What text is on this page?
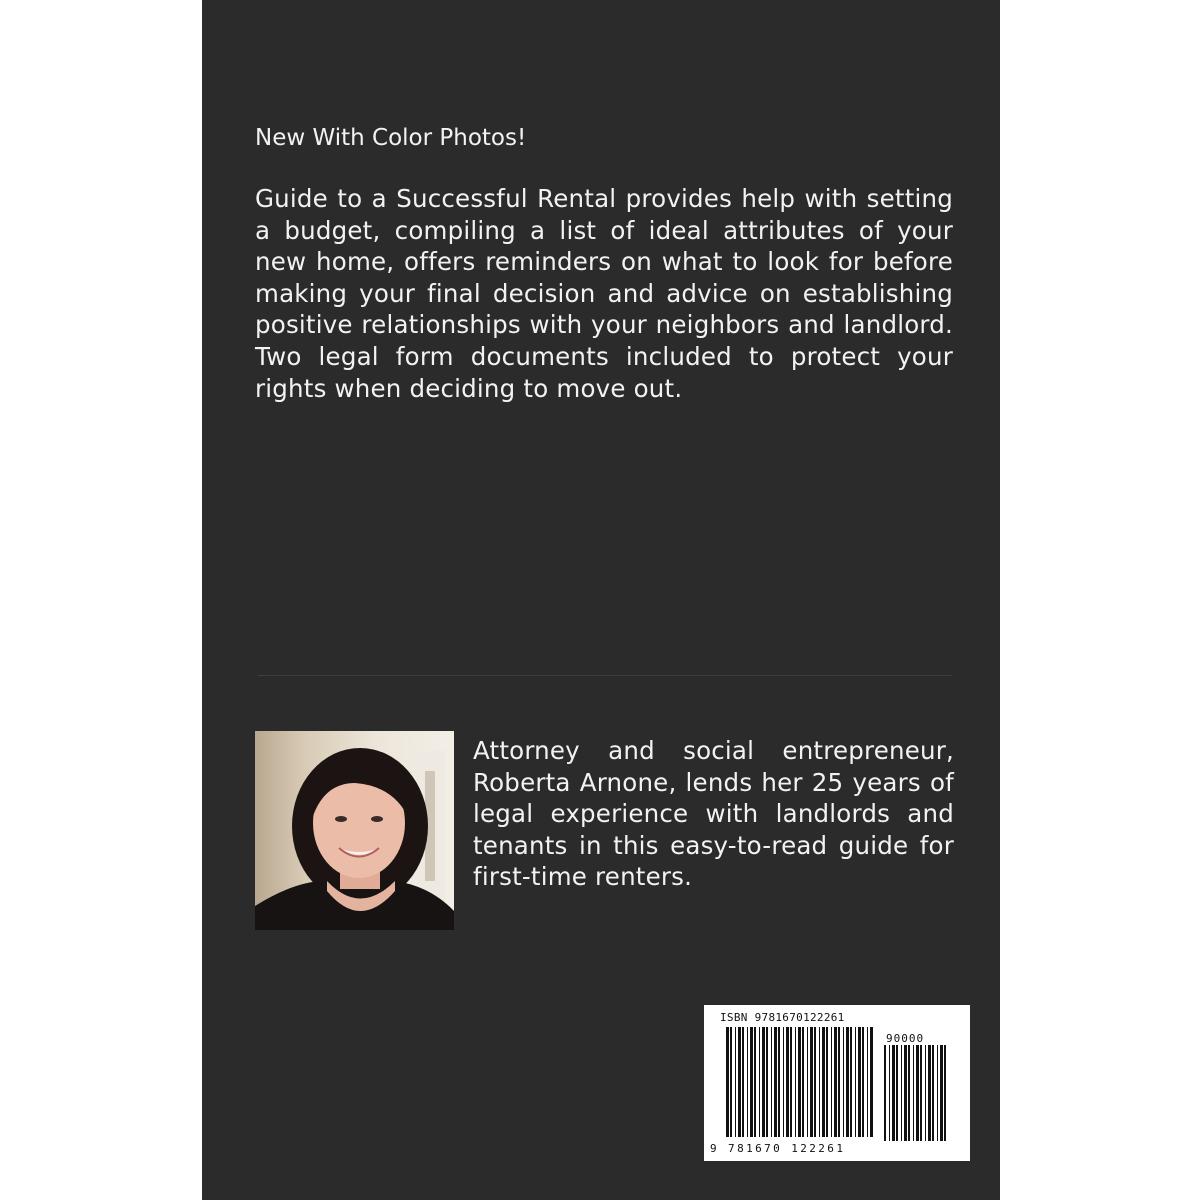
New With Color Photos!

Guide to a Successful Rental provides help with setting a budget, compiling a list of ideal attributes of your new home, offers reminders on what to look for before making your final decision and advice on establishing positive relationships with your neighbors and landlord. Two legal form documents included to protect your rights when deciding to move out.

Attorney and social entrepreneur, Roberta Arnone, lends her 25 years of legal experience with landlords and tenants in this easy-to-read guide for first-time renters.

ISBN 9781670122261
90000
9 781670 122261
